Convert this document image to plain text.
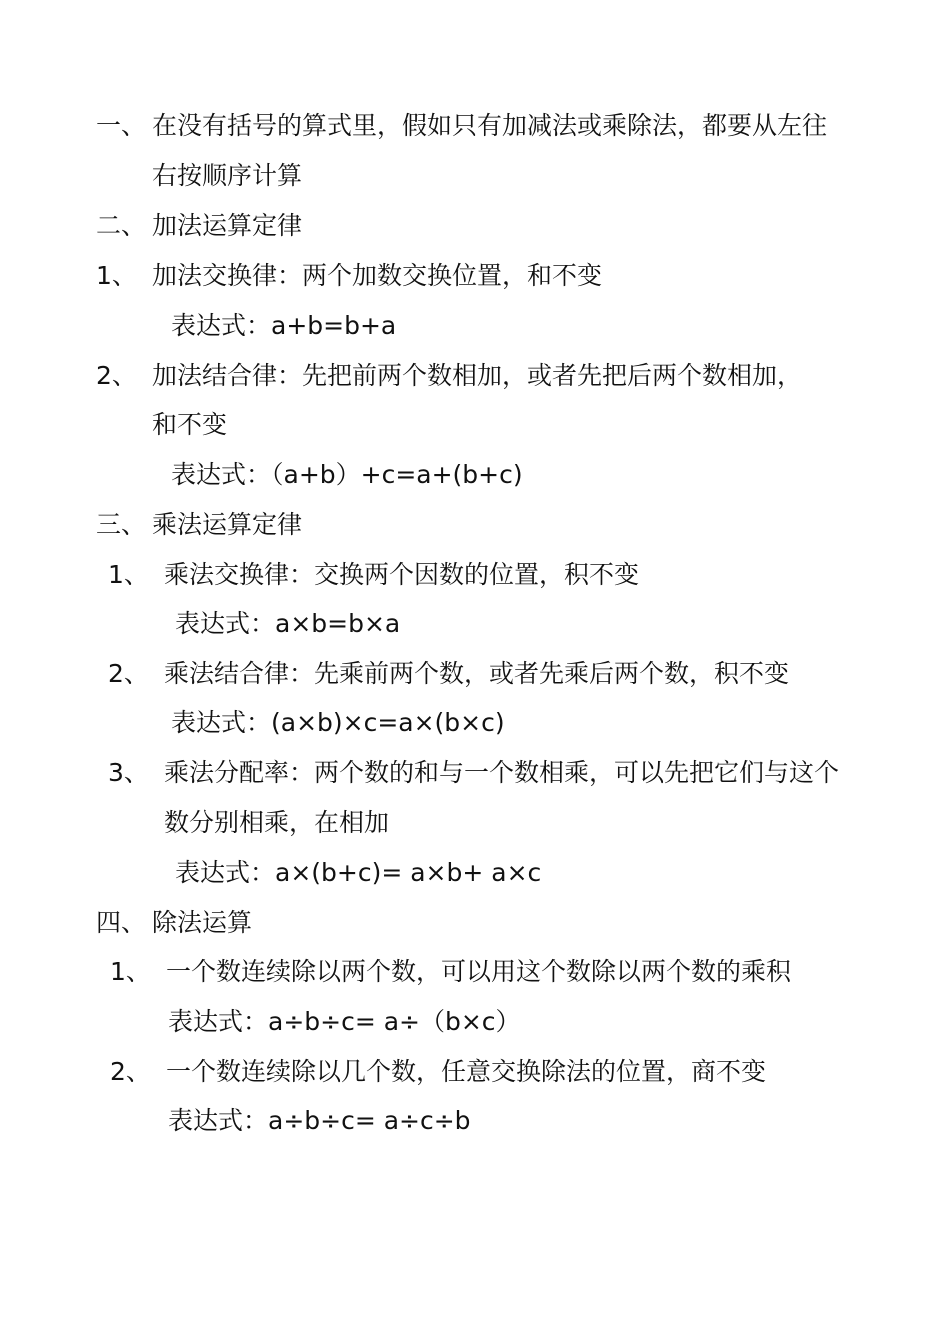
一、 在没有括号的算式里，假如只有加减法或乘除法，都要从左往
右按顺序计算
二、 加法运算定律
1、 加法交换律：两个加数交换位置，和不变
表达式：a+b=b+a
2、 加法结合律：先把前两个数相加，或者先把后两个数相加，
和不变
表达式：（a+b）+c=a+(b+c)
三、 乘法运算定律
1、 乘法交换律：交换两个因数的位置，积不变
表达式：a×b=b×a
2、 乘法结合律：先乘前两个数，或者先乘后两个数，积不变
表达式：(a×b)×c=a×(b×c)
3、 乘法分配率：两个数的和与一个数相乘，可以先把它们与这个
数分别相乘，在相加
表达式：a×(b+c)= a×b+ a×c
四、 除法运算
1、 一个数连续除以两个数，可以用这个数除以两个数的乘积
表达式：a÷b÷c= a÷（b×c）
2、 一个数连续除以几个数，任意交换除法的位置，商不变
表达式：a÷b÷c= a÷c÷b
